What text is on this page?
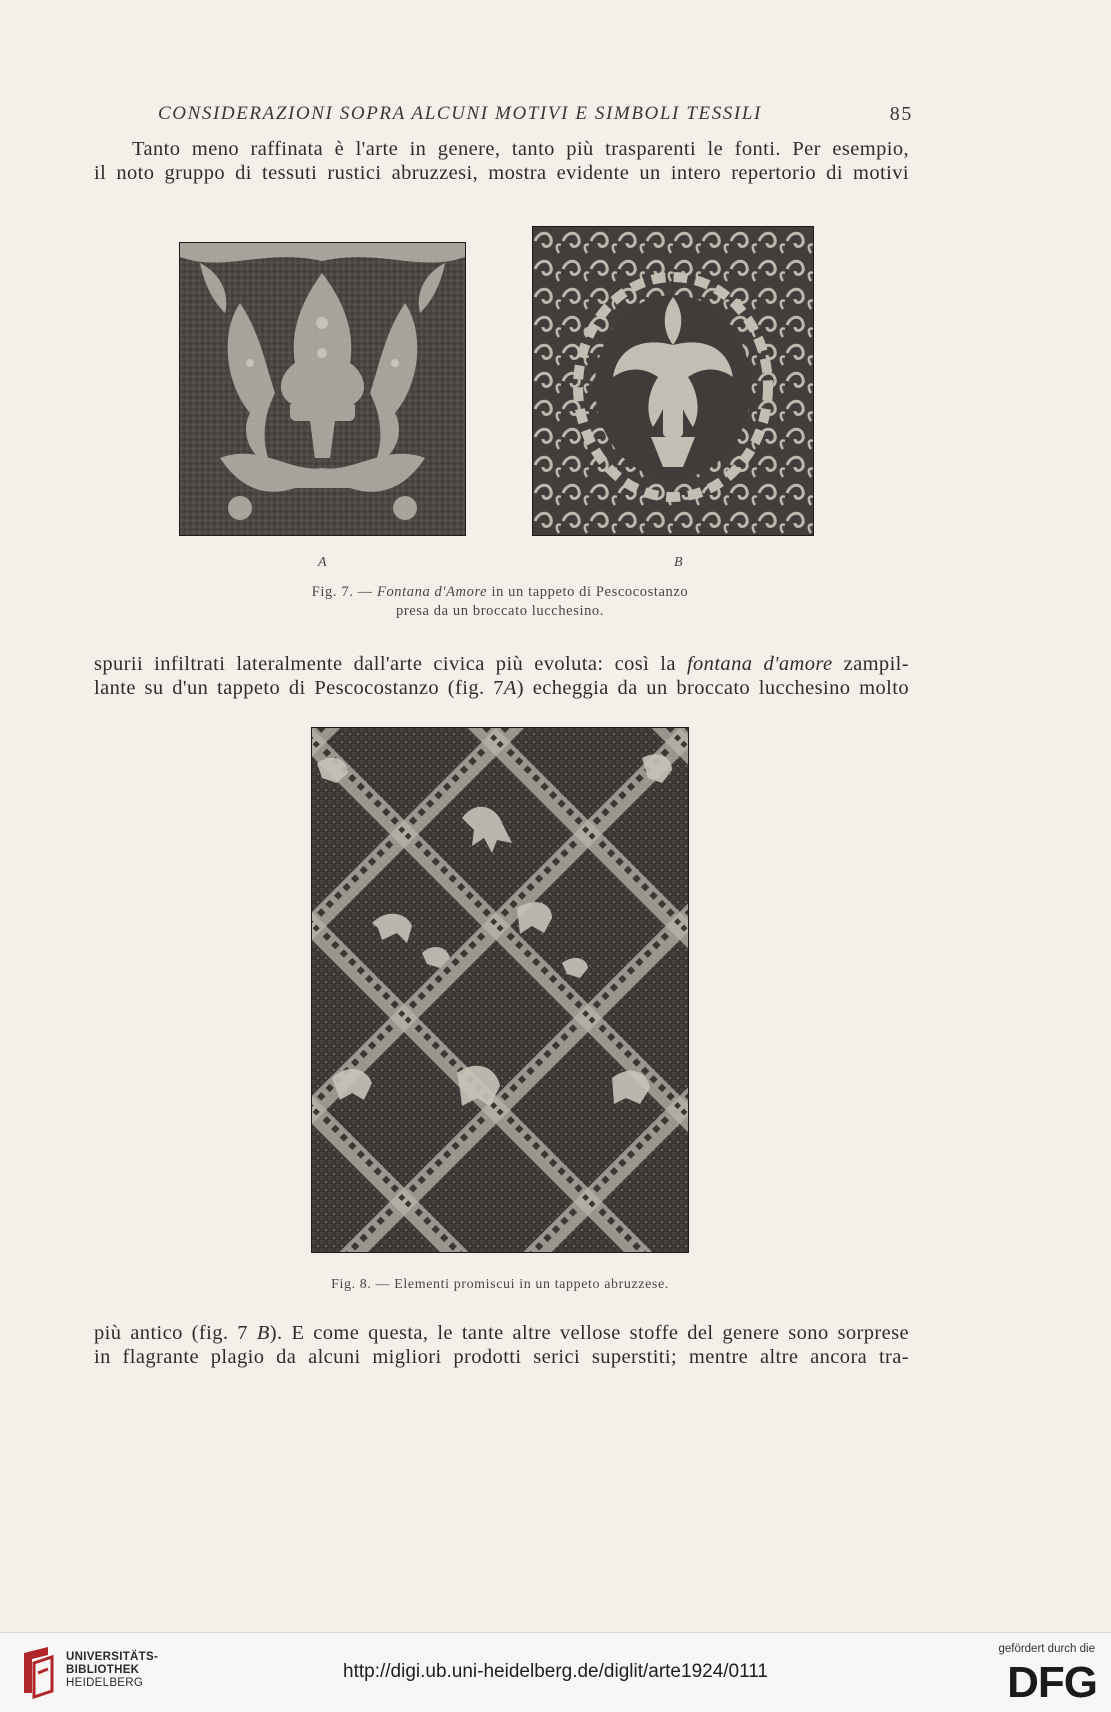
CONSIDERAZIONI SOPRA ALCUNI MOTIVI E SIMBOLI TESSILI	85
Tanto meno raffinata è l'arte in genere, tanto più trasparenti le fonti. Per esempio,
il noto gruppo di tessuti rustici abruzzesi, mostra evidente un intero repertorio di motivi
A	B
Fig. 7. — Fontana d'Amore in un tappeto di Pescocostanzo
presa da un broccato lucchesino.
spurii infiltrati lateralmente dall'arte civica più evoluta: così la fontana d'amore zampil-
lante su d'un tappeto di Pescocostanzo (fig. 7A) echeggia da un broccato lucchesino molto
Fig. 8. — Elementi promiscui in un tappeto abruzzese.
più antico (fig. 7 B). E come questa, le tante altre vellose stoffe del genere sono sorprese
in flagrante plagio da alcuni migliori prodotti serici superstiti; mentre altre ancora tra-
UNIVERSITÄTS-
BIBLIOTHEK
HEIDELBERG
http://digi.ub.uni-heidelberg.de/diglit/arte1924/0111
gefördert durch die
DFG
